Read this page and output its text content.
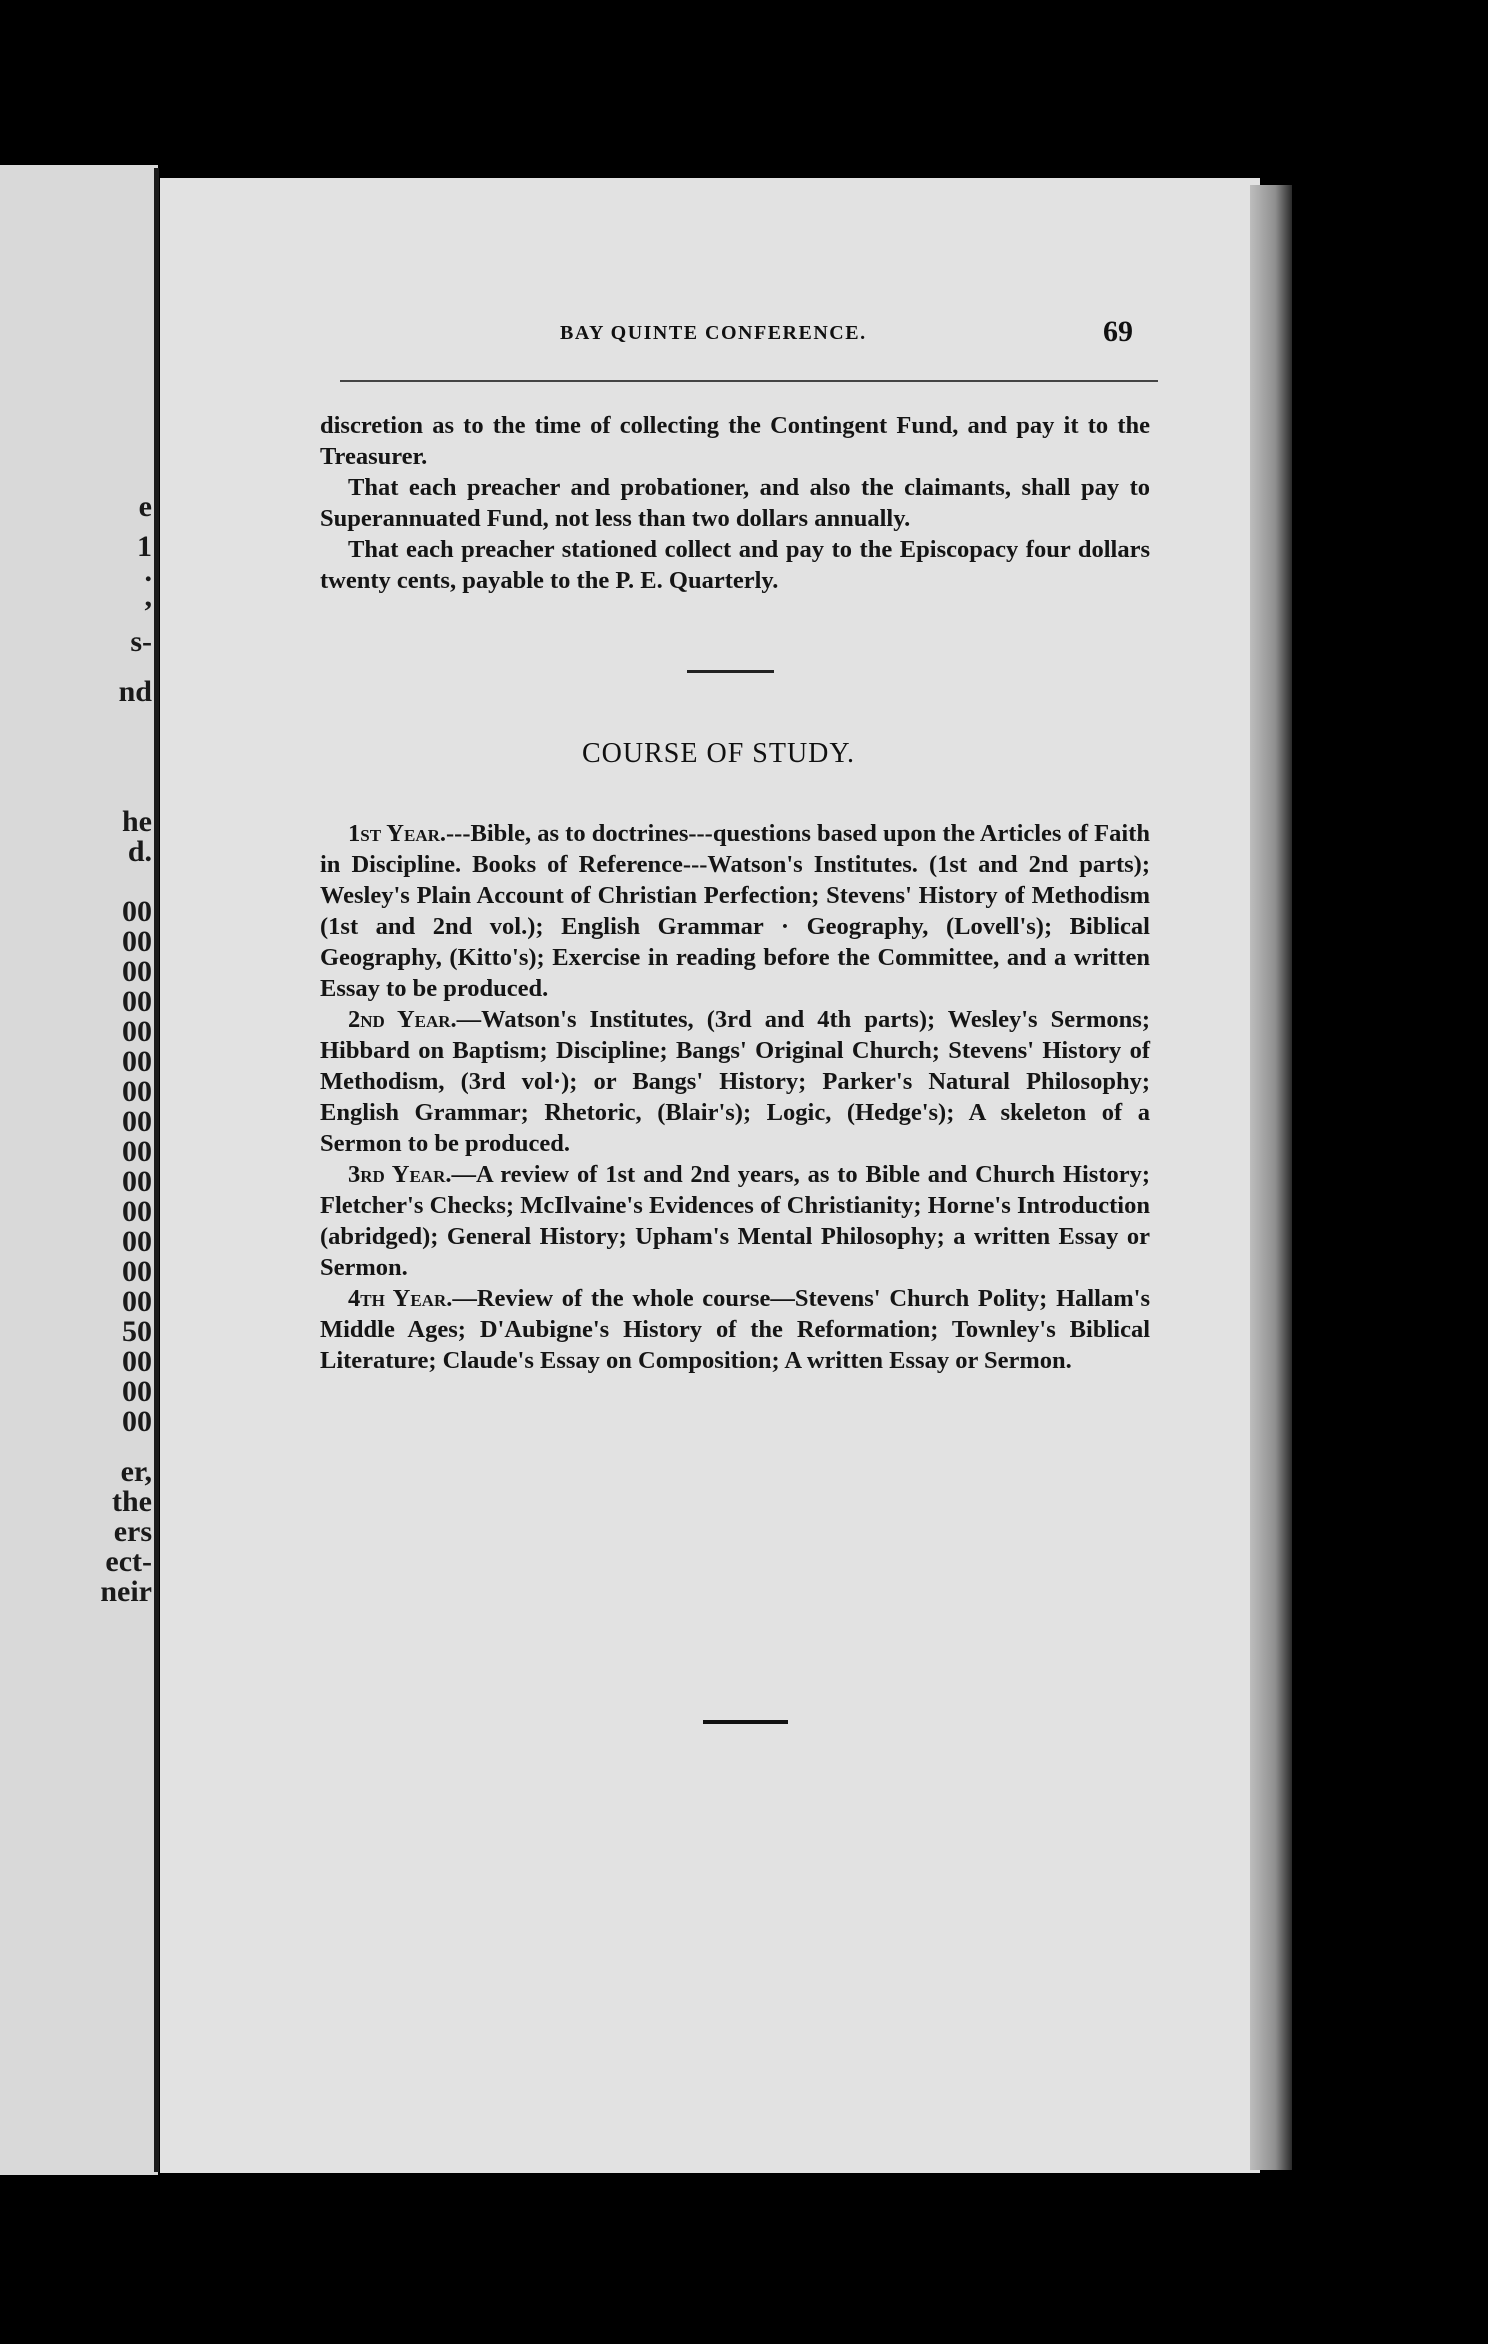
e
1
.
,
s-
nd
he
d.
00
00
00
00
00
00
00
00
00
00
00
00
00
00
50
00
00
00
er,
the
ers
ect-
neir
BAY QUINTE CONFERENCE.	69

discretion as to the time of collecting the Contingent Fund, and pay it to the Treasurer.

That each preacher and probationer, and also the claimants, shall pay to Superannuated Fund, not less than two dollars annually.

That each preacher stationed collect and pay to the Episcopacy four dollars twenty cents, payable to the P. E. Quarterly.

COURSE OF STUDY.

1st Year.---Bible, as to doctrines---questions based upon the Articles of Faith in Discipline. Books of Reference---Watson's Institutes. (1st and 2nd parts); Wesley's Plain Account of Christian Perfection; Stevens' History of Methodism (1st and 2nd vol.); English Grammar · Geography, (Lovell's); Biblical Geography, (Kitto's); Exercise in reading before the Committee, and a written Essay to be produced.

2nd Year.—Watson's Institutes, (3rd and 4th parts); Wesley's Sermons; Hibbard on Baptism; Discipline; Bangs' Original Church; Stevens' History of Methodism, (3rd vol·); or Bangs' History; Parker's Natural Philosophy; English Grammar; Rhetoric, (Blair's); Logic, (Hedge's); A skeleton of a Sermon to be produced.

3rd Year.—A review of 1st and 2nd years, as to Bible and Church History; Fletcher's Checks; McIlvaine's Evidences of Christianity; Horne's Introduction (abridged); General History; Upham's Mental Philosophy; a written Essay or Sermon.

4th Year.—Review of the whole course—Stevens' Church Polity; Hallam's Middle Ages; D'Aubigne's History of the Reformation; Townley's Biblical Literature; Claude's Essay on Composition; A written Essay or Sermon.
